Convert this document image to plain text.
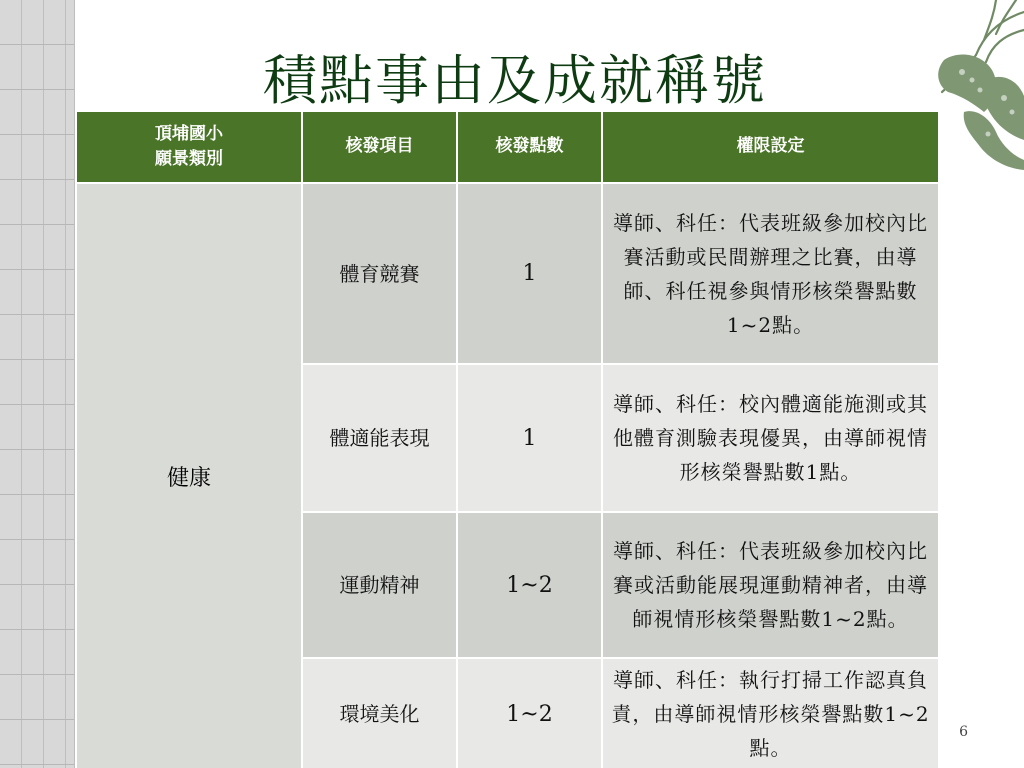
積點事由及成就稱號
頂埔國小
願景類別	核發項目	核發點數	權限設定
健康	體育競賽	1	導師、科任：代表班級參加校內比賽活動或民間辦理之比賽，由導師、科任視參與情形核榮譽點數1~2點。
	體適能表現	1	導師、科任：校內體適能施測或其他體育測驗表現優異，由導師視情形核榮譽點數1點。
	運動精神	1~2	導師、科任：代表班級參加校內比賽或活動能展現運動精神者，由導師視情形核榮譽點數1~2點。
	環境美化	1~2	導師、科任：執行打掃工作認真負責，由導師視情形核榮譽點數1~2點。
6
